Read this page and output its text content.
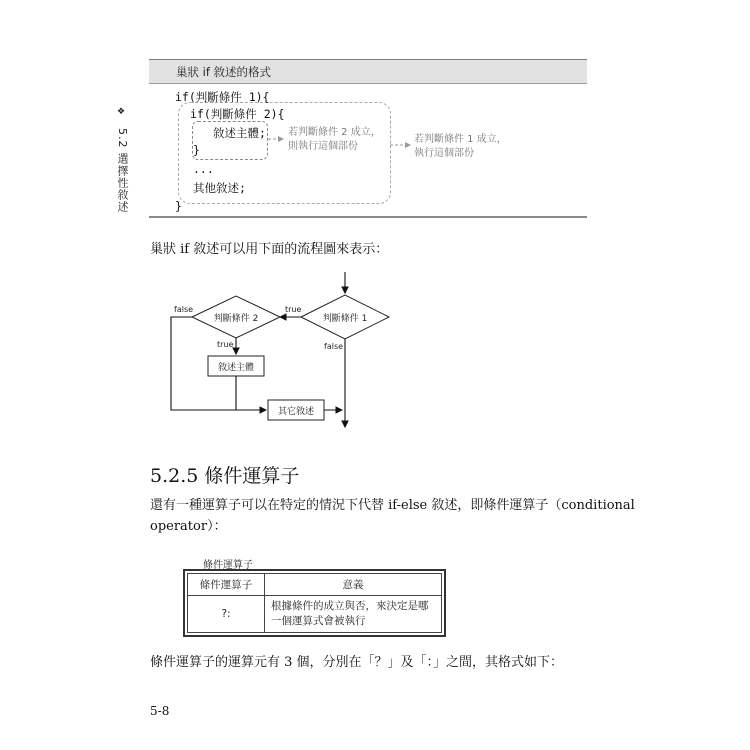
❖
5.2 選擇性敘述
巢狀 if 敘述的格式
if(判斷條件 1){
if(判斷條件 2){
敘述主體;
}
...
其他敘述;
}
若判斷條件 2 成立，
則執行這個部份
若判斷條件 1 成立，
執行這個部份
巢狀 if 敘述可以用下面的流程圖來表示：
判斷條件 1
true
判斷條件 2
false
true
敘述主體
其它敘述
false
5.2.5 條件運算子
還有一種運算子可以在特定的情況下代替 if-else 敘述，即條件運算子（conditional
operator）：
條件運算子
條件運算子	意義
?:	根據條件的成立與否，來決定是哪
一個運算式會被執行
條件運算子的運算元有 3 個，分別在「？」及「：」之間，其格式如下：
5-8
